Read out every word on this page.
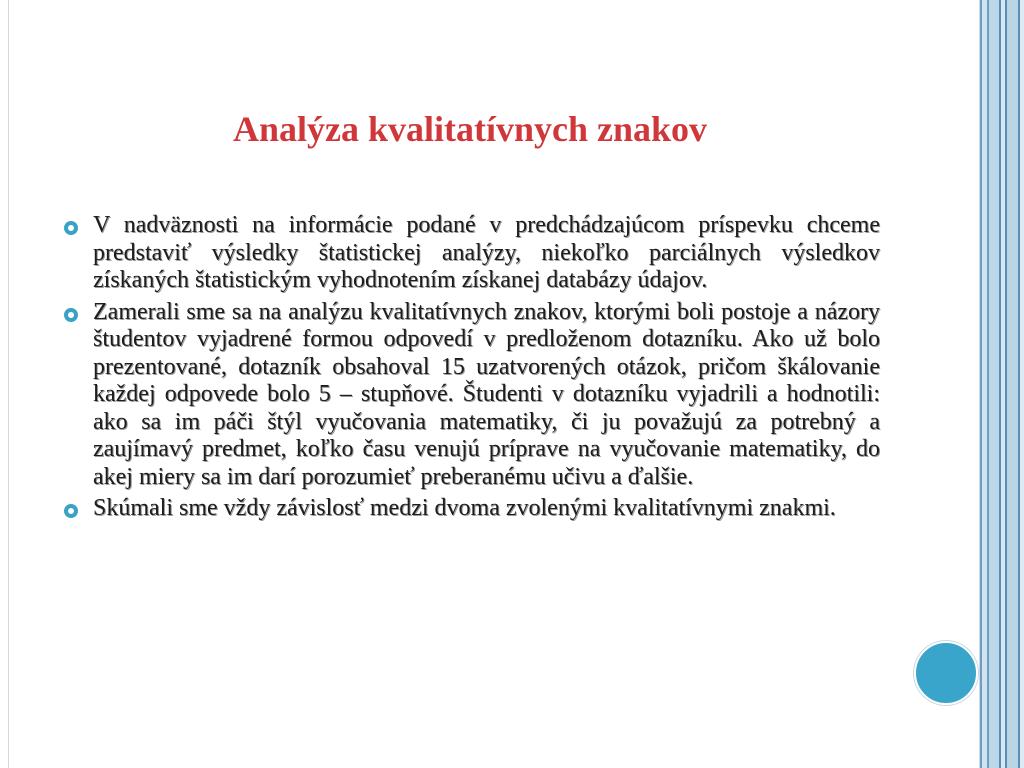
Analýza kvalitatívnych znakov
V nadväznosti na informácie podané v predchádzajúcom príspevku chceme predstaviť výsledky štatistickej analýzy, niekoľko parciálnych výsledkov získaných štatistickým vyhodnotením získanej databázy údajov.
Zamerali sme sa na analýzu kvalitatívnych znakov, ktorými boli postoje a názory študentov vyjadrené formou odpovedí v predloženom dotazníku. Ako už bolo prezentované, dotazník obsahoval 15 uzatvorených otázok, pričom škálovanie každej odpovede bolo 5 – stupňové. Študenti v dotazníku vyjadrili a hodnotili: ako sa im páči štýl vyučovania matematiky, či ju považujú za potrebný a zaujímavý predmet, koľko času venujú príprave na vyučovanie matematiky, do akej miery sa im darí porozumieť preberanému učivu a ďalšie.
Skúmali sme vždy závislosť medzi dvoma zvolenými kvalitatívnymi znakmi.
